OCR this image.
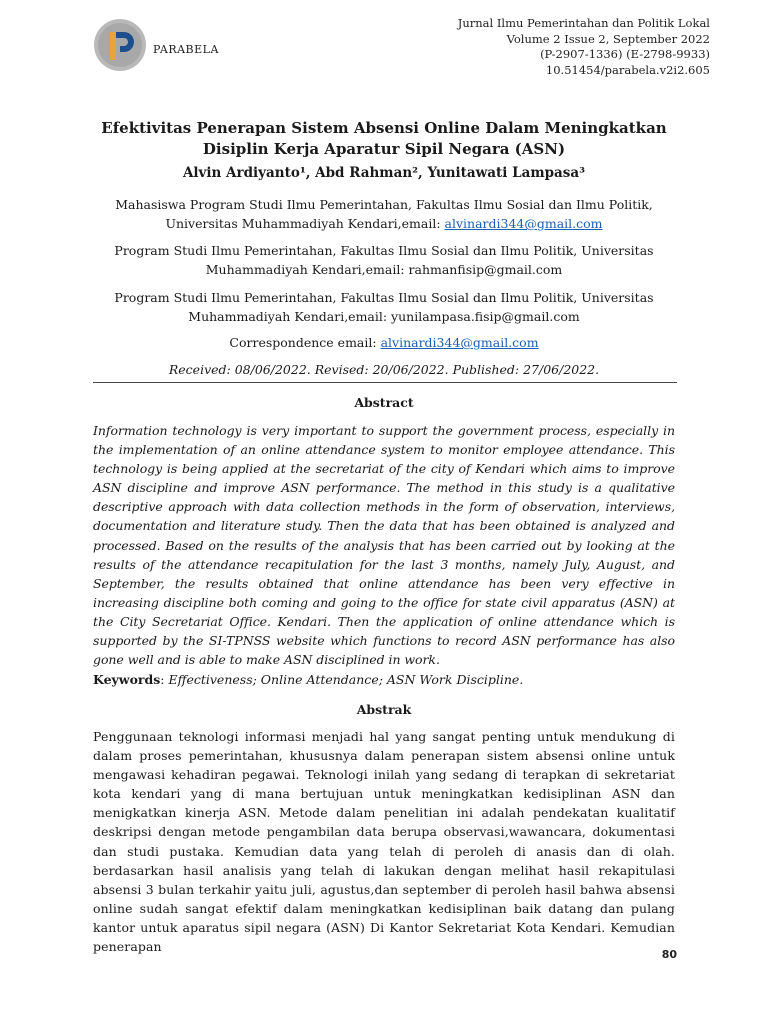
PARABELA
Jurnal Ilmu Pemerintahan dan Politik Lokal
Volume 2 Issue 2, September 2022
(P-2907-1336) (E-2798-9933)
10.51454/parabela.v2i2.605
Efektivitas Penerapan Sistem Absensi Online Dalam Meningkatkan Disiplin Kerja Aparatur Sipil Negara (ASN)
Alvin Ardiyanto¹, Abd Rahman², Yunitawati Lampasa³
Mahasiswa Program Studi Ilmu Pemerintahan, Fakultas Ilmu Sosial dan Ilmu Politik,
Universitas Muhammadiyah Kendari,email: alvinardi344@gmail.com
Program Studi Ilmu Pemerintahan, Fakultas Ilmu Sosial dan Ilmu Politik, Universitas
Muhammadiyah Kendari,email: rahmanfisip@gmail.com
Program Studi Ilmu Pemerintahan, Fakultas Ilmu Sosial dan Ilmu Politik, Universitas
Muhammadiyah Kendari,email: yunilampasa.fisip@gmail.com
Correspondence email: alvinardi344@gmail.com
Received: 08/06/2022. Revised: 20/06/2022. Published: 27/06/2022.
Abstract
Information technology is very important to support the government process, especially in the implementation of an online attendance system to monitor employee attendance. This technology is being applied at the secretariat of the city of Kendari which aims to improve ASN discipline and improve ASN performance. The method in this study is a qualitative descriptive approach with data collection methods in the form of observation, interviews, documentation and literature study. Then the data that has been obtained is analyzed and processed. Based on the results of the analysis that has been carried out by looking at the results of the attendance recapitulation for the last 3 months, namely July, August, and September, the results obtained that online attendance has been very effective in increasing discipline both coming and going to the office for state civil apparatus (ASN) at the City Secretariat Office. Kendari. Then the application of online attendance which is supported by the SI-TPNSS website which functions to record ASN performance has also gone well and is able to make ASN disciplined in work.
Keywords: Effectiveness; Online Attendance; ASN Work Discipline.
Abstrak
Penggunaan teknologi informasi menjadi hal yang sangat penting untuk mendukung di dalam proses pemerintahan, khususnya dalam penerapan sistem absensi online untuk mengawasi kehadiran pegawai. Teknologi inilah yang sedang di terapkan di sekretariat kota kendari yang di mana bertujuan untuk meningkatkan kedisiplinan ASN dan menigkatkan kinerja ASN. Metode dalam penelitian ini adalah pendekatan kualitatif deskripsi dengan metode pengambilan data berupa observasi,wawancara, dokumentasi dan studi pustaka. Kemudian data yang telah di peroleh di anasis dan di olah. berdasarkan hasil analisis yang telah di lakukan dengan melihat hasil rekapitulasi absensi 3 bulan terkahir yaitu juli, agustus,dan september di peroleh hasil bahwa absensi online sudah sangat efektif dalam meningkatkan kedisiplinan baik datang dan pulang kantor untuk aparatus sipil negara (ASN) Di Kantor Sekretariat Kota Kendari. Kemudian penerapan
80
